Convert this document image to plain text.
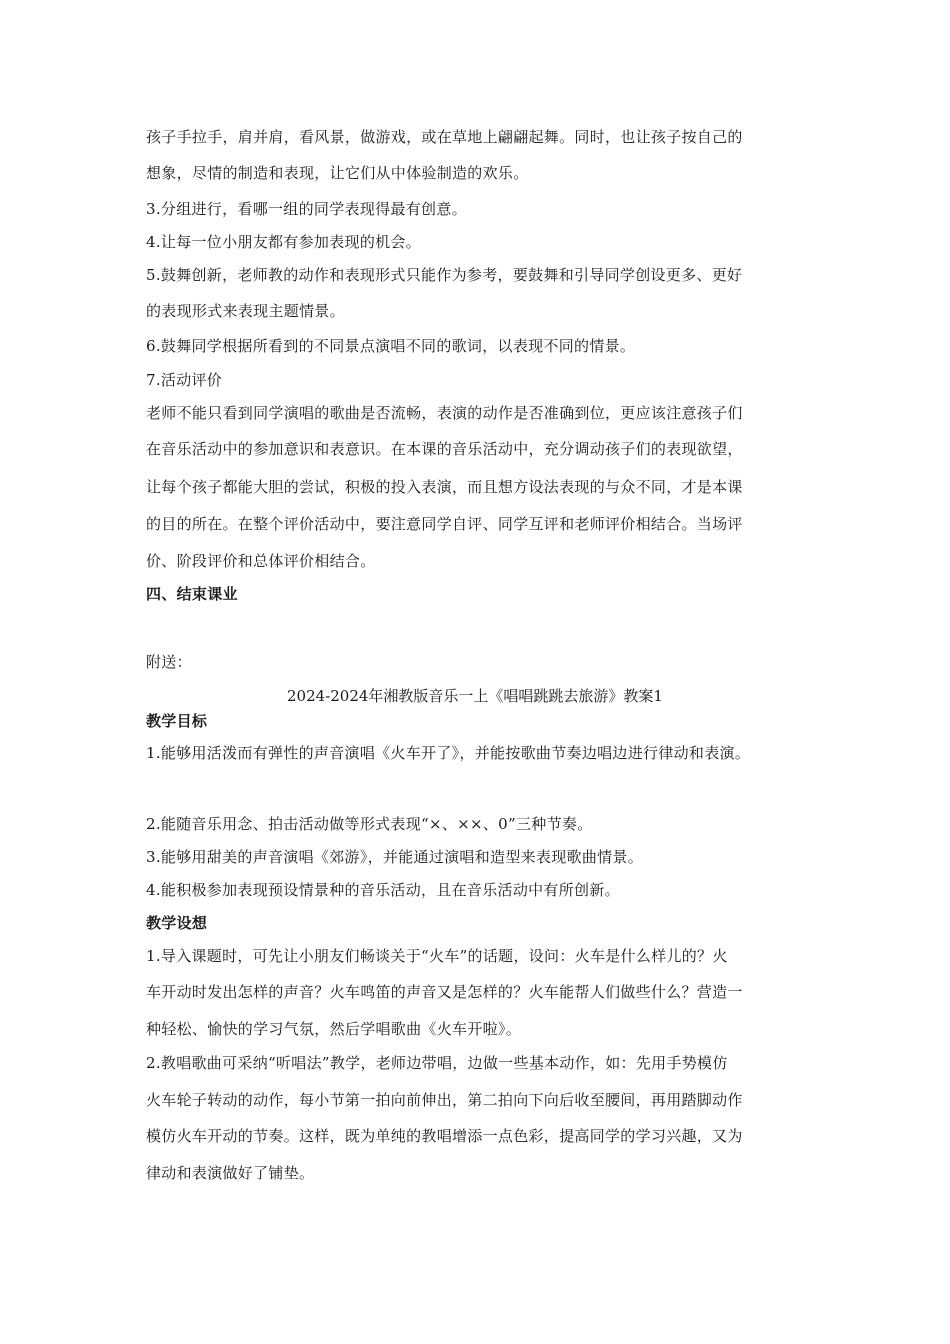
孩子手拉手，肩并肩，看风景，做游戏，或在草地上翩翩起舞。同时，也让孩子按自己的
想象，尽情的制造和表现，让它们从中体验制造的欢乐。
3.分组进行，看哪一组的同学表现得最有创意。
4.让每一位小朋友都有参加表现的机会。
5.鼓舞创新，老师教的动作和表现形式只能作为参考，要鼓舞和引导同学创设更多、更好
的表现形式来表现主题情景。
6.鼓舞同学根据所看到的不同景点演唱不同的歌词，以表现不同的情景。
7.活动评价
老师不能只看到同学演唱的歌曲是否流畅，表演的动作是否准确到位，更应该注意孩子们
在音乐活动中的参加意识和表意识。在本课的音乐活动中，充分调动孩子们的表现欲望，
让每个孩子都能大胆的尝试，积极的投入表演，而且想方设法表现的与众不同，才是本课
的目的所在。在整个评价活动中，要注意同学自评、同学互评和老师评价相结合。当场评
价、阶段评价和总体评价相结合。
四、结束课业
附送：
2024-2024年湘教版音乐一上《唱唱跳跳去旅游》教案1
教学目标
1.能够用活泼而有弹性的声音演唱《火车开了》，并能按歌曲节奏边唱边进行律动和表演。
2.能随音乐用念、拍击活动做等形式表现“×、××、0”三种节奏。
3.能够用甜美的声音演唱《郊游》，并能通过演唱和造型来表现歌曲情景。
4.能积极参加表现预设情景种的音乐活动，且在音乐活动中有所创新。
教学设想
1.导入课题时，可先让小朋友们畅谈关于“火车”的话题，设问：火车是什么样儿的？火
车开动时发出怎样的声音？火车鸣笛的声音又是怎样的？火车能帮人们做些什么？营造一
种轻松、愉快的学习气氛，然后学唱歌曲《火车开啦》。
2.教唱歌曲可采纳“听唱法”教学，老师边带唱，边做一些基本动作，如：先用手势模仿
火车轮子转动的动作，每小节第一拍向前伸出，第二拍向下向后收至腰间，再用踏脚动作
模仿火车开动的节奏。这样，既为单纯的教唱增添一点色彩，提高同学的学习兴趣，又为
律动和表演做好了铺垫。
